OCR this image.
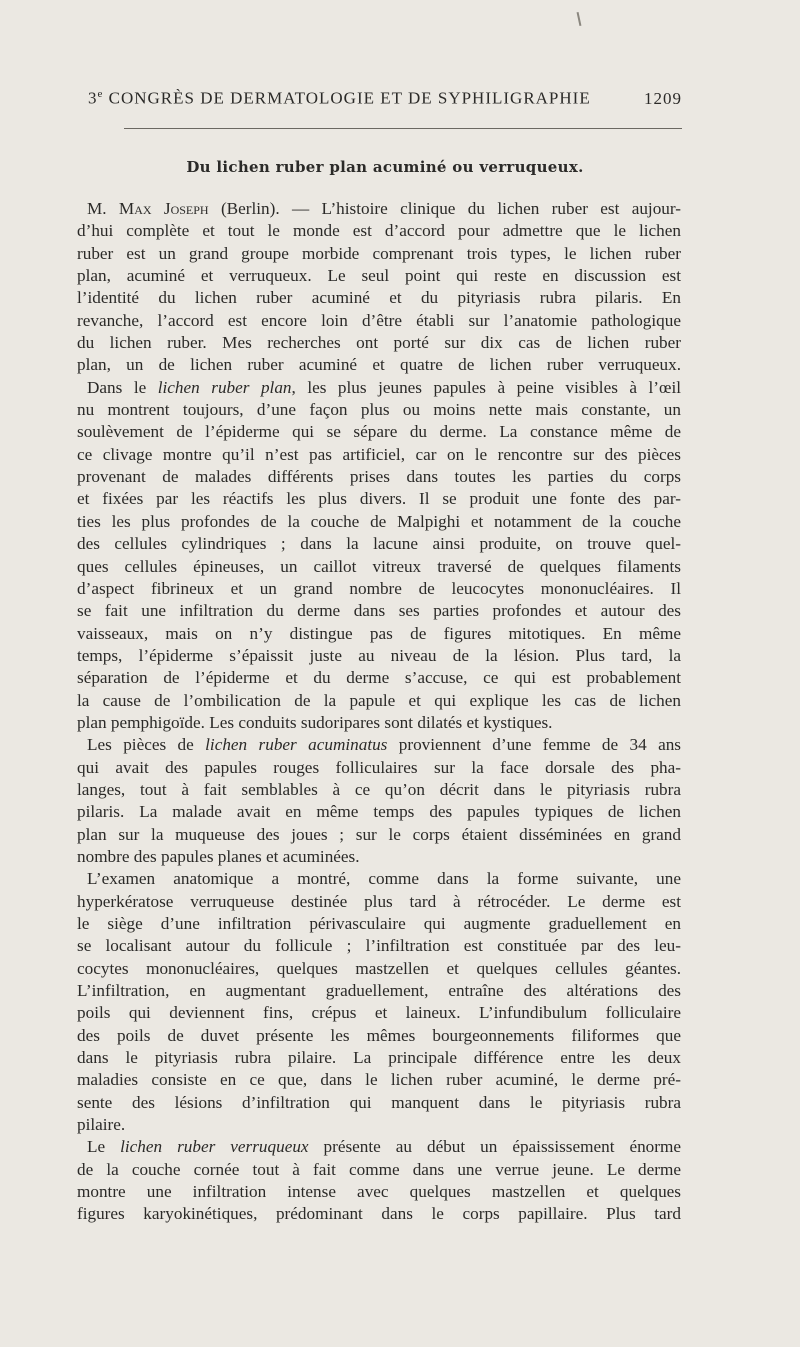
3e CONGRÈS DE DERMATOLOGIE ET DE SYPHILIGRAPHIE	1209
Du lichen ruber plan acuminé ou verruqueux.
M. Max Joseph (Berlin). — L’histoire clinique du lichen ruber est aujour-
d’hui complète et tout le monde est d’accord pour admettre que le lichen
ruber est un grand groupe morbide comprenant trois types, le lichen ruber
plan, acuminé et verruqueux. Le seul point qui reste en discussion est
l’identité du lichen ruber acuminé et du pityriasis rubra pilaris. En
revanche, l’accord est encore loin d’être établi sur l’anatomie pathologique
du lichen ruber. Mes recherches ont porté sur dix cas de lichen ruber
plan, un de lichen ruber acuminé et quatre de lichen ruber verruqueux.
Dans le lichen ruber plan, les plus jeunes papules à peine visibles à l’œil
nu montrent toujours, d’une façon plus ou moins nette mais constante, un
soulèvement de l’épiderme qui se sépare du derme. La constance même de
ce clivage montre qu’il n’est pas artificiel, car on le rencontre sur des pièces
provenant de malades différents prises dans toutes les parties du corps
et fixées par les réactifs les plus divers. Il se produit une fonte des par-
ties les plus profondes de la couche de Malpighi et notamment de la couche
des cellules cylindriques ; dans la lacune ainsi produite, on trouve quel-
ques cellules épineuses, un caillot vitreux traversé de quelques filaments
d’aspect fibrineux et un grand nombre de leucocytes mononucléaires. Il
se fait une infiltration du derme dans ses parties profondes et autour des
vaisseaux, mais on n’y distingue pas de figures mitotiques. En même
temps, l’épiderme s’épaissit juste au niveau de la lésion. Plus tard, la
séparation de l’épiderme et du derme s’accuse, ce qui est probablement
la cause de l’ombilication de la papule et qui explique les cas de lichen
plan pemphigoïde. Les conduits sudoripares sont dilatés et kystiques.
Les pièces de lichen ruber acuminatus proviennent d’une femme de 34 ans
qui avait des papules rouges folliculaires sur la face dorsale des pha-
langes, tout à fait semblables à ce qu’on décrit dans le pityriasis rubra
pilaris. La malade avait en même temps des papules typiques de lichen
plan sur la muqueuse des joues ; sur le corps étaient disséminées en grand
nombre des papules planes et acuminées.
L’examen anatomique a montré, comme dans la forme suivante, une
hyperkératose verruqueuse destinée plus tard à rétrocéder. Le derme est
le siège d’une infiltration périvasculaire qui augmente graduellement en
se localisant autour du follicule ; l’infiltration est constituée par des leu-
cocytes mononucléaires, quelques mastzellen et quelques cellules géantes.
L’infiltration, en augmentant graduellement, entraîne des altérations des
poils qui deviennent fins, crépus et laineux. L’infundibulum folliculaire
des poils de duvet présente les mêmes bourgeonnements filiformes que
dans le pityriasis rubra pilaire. La principale différence entre les deux
maladies consiste en ce que, dans le lichen ruber acuminé, le derme pré-
sente des lésions d’infiltration qui manquent dans le pityriasis rubra
pilaire.
Le lichen ruber verruqueux présente au début un épaississement énorme
de la couche cornée tout à fait comme dans une verrue jeune. Le derme
montre une infiltration intense avec quelques mastzellen et quelques
figures karyokinétiques, prédominant dans le corps papillaire. Plus tard
